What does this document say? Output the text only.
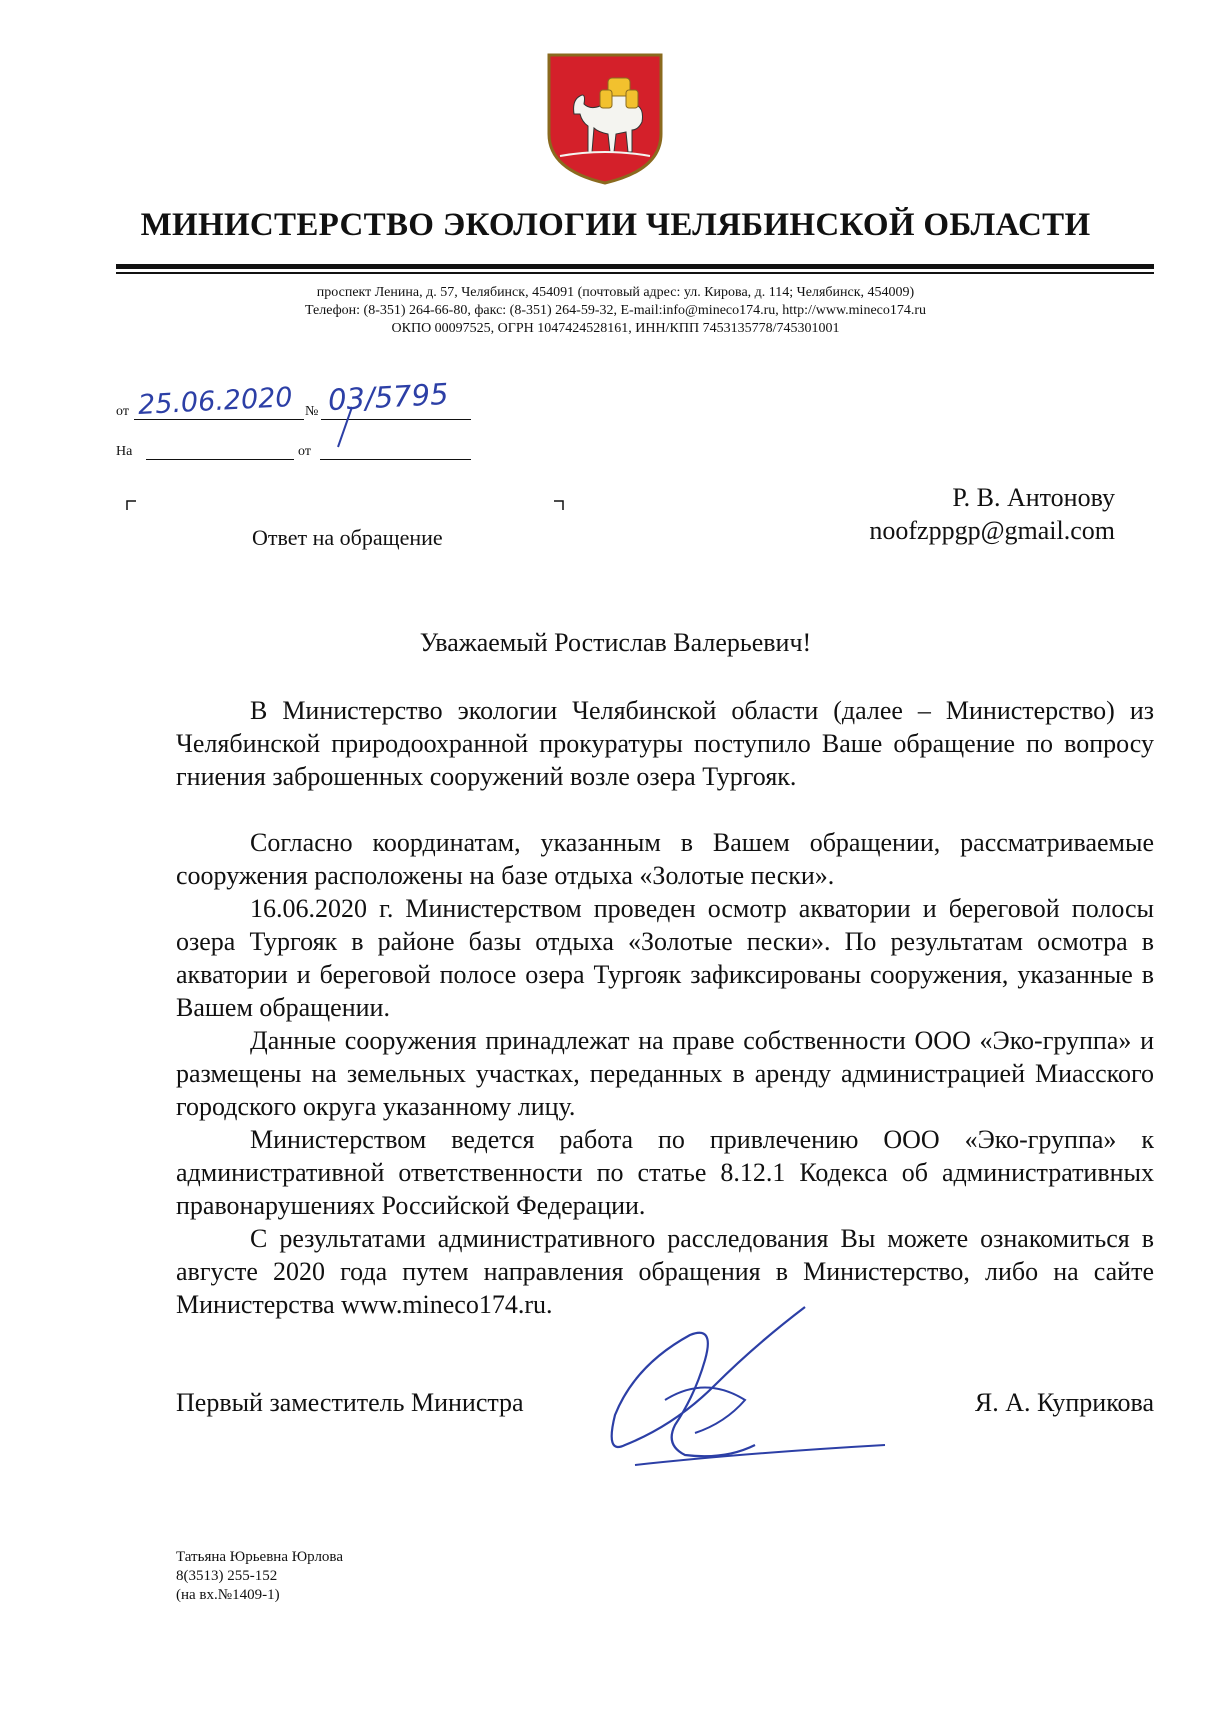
МИНИСТЕРСТВО ЭКОЛОГИИ ЧЕЛЯБИНСКОЙ ОБЛАСТИ
проспект Ленина, д. 57, Челябинск, 454091 (почтовый адрес: ул. Кирова, д. 114; Челябинск, 454009)
Телефон: (8-351) 264-66-80, факс: (8-351) 264-59-32, E-mail:info@mineco174.ru, http://www.mineco174.ru
ОКПО 00097525, ОГРН 1047424528161, ИНН/КПП 7453135778/745301001
от 25.06.2020 № 03/5795
На	от
Ответ на обращение
Р. В. Антонову
noofzppgp@gmail.com
Уважаемый Ростислав Валерьевич!

В Министерство экологии Челябинской области (далее – Министерство) из Челябинской природоохранной прокуратуры поступило Ваше обращение по вопросу гниения заброшенных сооружений возле озера Тургояк.

Согласно координатам, указанным в Вашем обращении, рассматриваемые сооружения расположены на базе отдыха «Золотые пески».

16.06.2020 г. Министерством проведен осмотр акватории и береговой полосы озера Тургояк в районе базы отдыха «Золотые пески». По результатам осмотра в акватории и береговой полосе озера Тургояк зафиксированы сооружения, указанные в Вашем обращении.

Данные сооружения принадлежат на праве собственности ООО «Эко-группа» и размещены на земельных участках, переданных в аренду администрацией Миасского городского округа указанному лицу.

Министерством ведется работа по привлечению ООО «Эко-группа» к административной ответственности по статье 8.12.1 Кодекса об административных правонарушениях Российской Федерации.

С результатами административного расследования Вы можете ознакомиться в августе 2020 года путем направления обращения в Министерство, либо на сайте Министерства www.mineco174.ru.

Первый заместитель Министра	Я. А. Куприкова
Татьяна Юрьевна Юрлова
8(3513) 255-152
(на вх.№1409-1)
